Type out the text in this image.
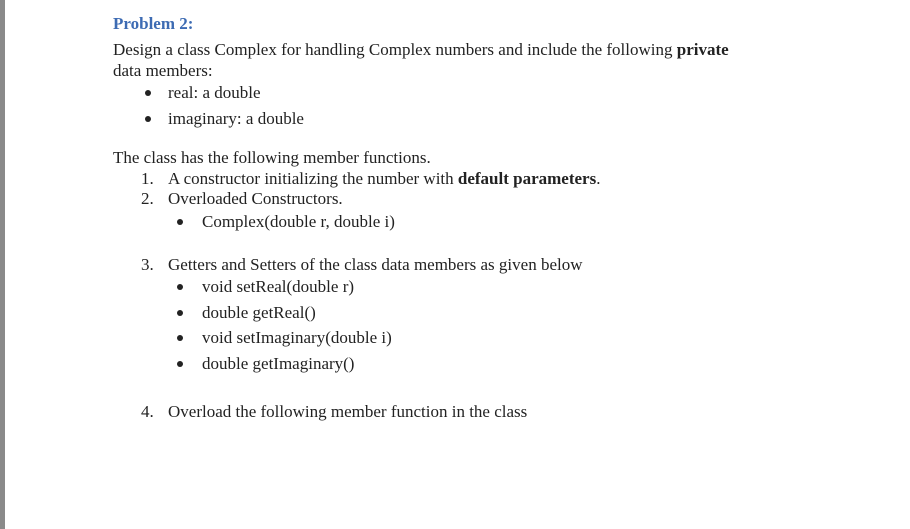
Problem 2:
Design a class Complex for handling Complex numbers and include the following private
data members:
real: a double
imaginary: a double
The class has the following member functions.
1. A constructor initializing the number with default parameters.
2. Overloaded Constructors.
Complex(double r, double i)
3. Getters and Setters of the class data members as given below
void setReal(double r)
double getReal()
void setImaginary(double i)
double getImaginary()
4. Overload the following member function in the class
